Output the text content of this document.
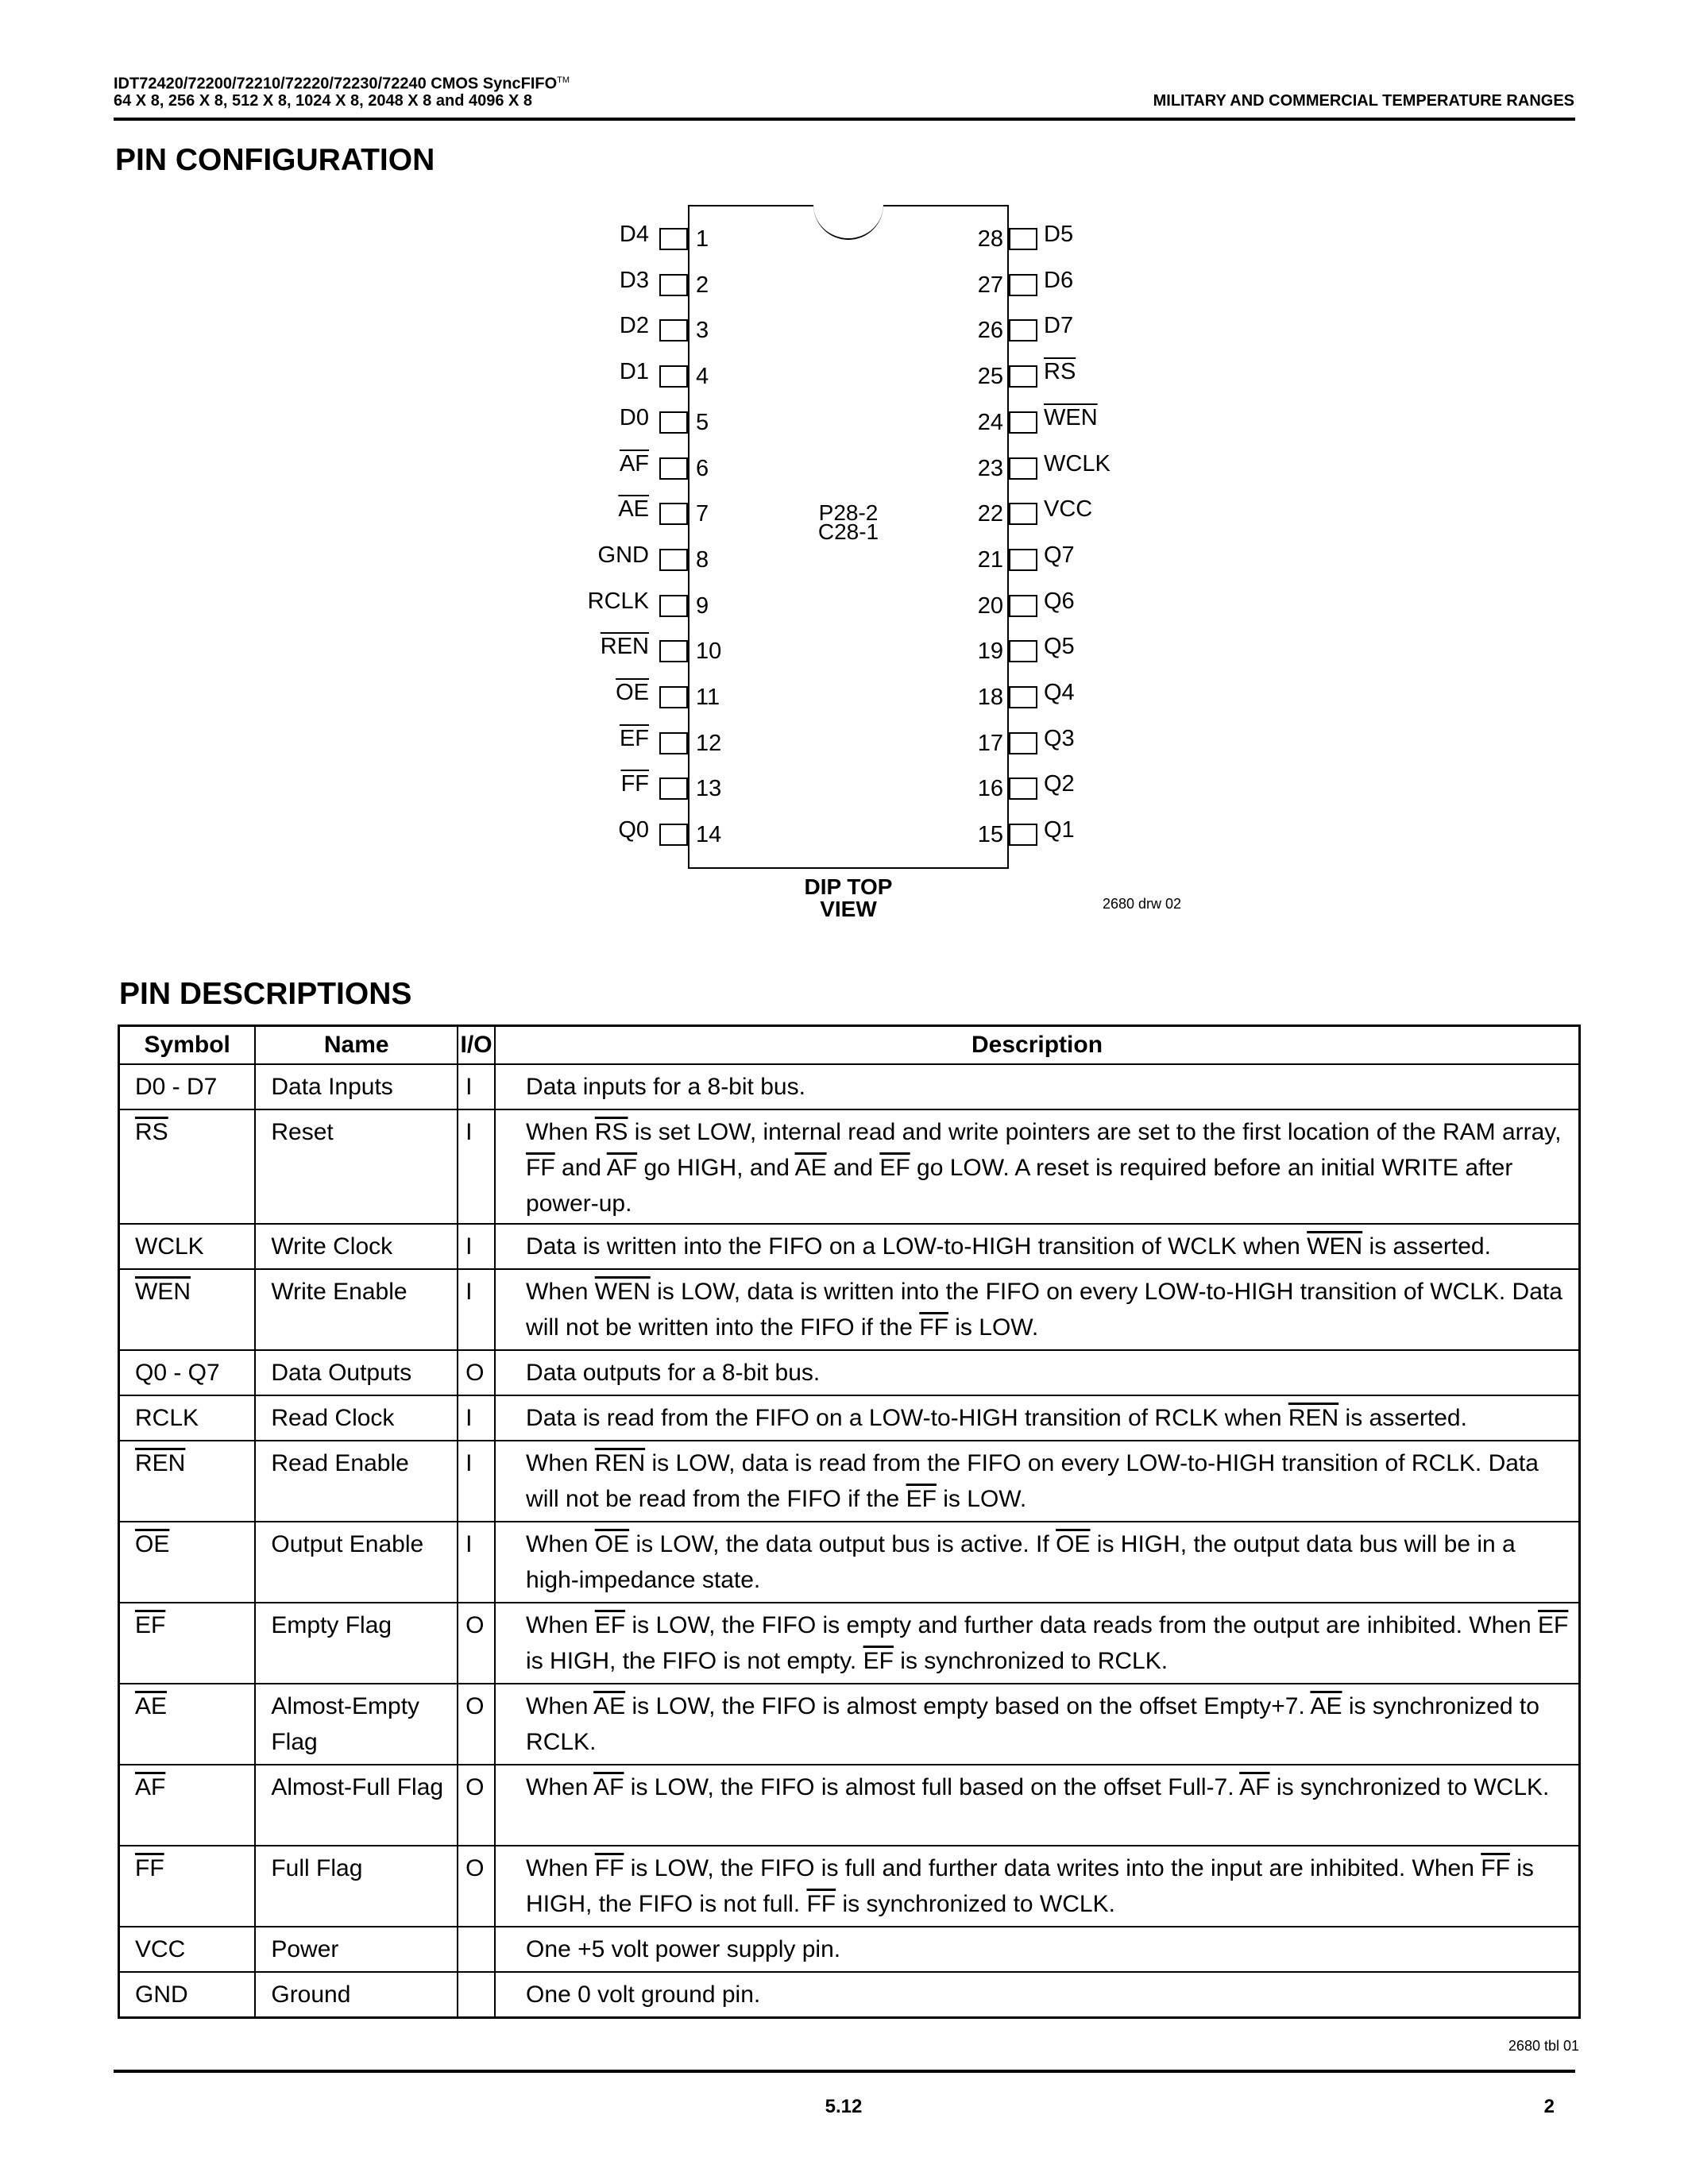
IDT72420/72200/72210/72220/72230/72240 CMOS SyncFIFO™
64 X 8, 256 X 8, 512 X 8, 1024 X 8, 2048 X 8 and 4096 X 8	MILITARY AND COMMERCIAL TEMPERATURE RANGES
PIN CONFIGURATION
D4 1
D3 2
D2 3
D1 4
D0 5
$\overline{AF}$ 6
$\overline{AE}$ 7
GND 8
RCLK 9
$\overline{REN}$ 10
$\overline{OE}$ 11
$\overline{EF}$ 12
$\overline{FF}$ 13
Q0 14
D5
28
D6
27
D7
26
$\overline{RS}$
25
$\overline{WEN}$
24
WCLK
23
VCC
22
Q7
21
Q6
20
Q5
19
Q4
18
Q3
17
Q2
16
Q1
15
P28-2
C28-1
DIP TOP
VIEW	2680 drw 02
PIN DESCRIPTIONS
Symbol	Name	I/O	Description
D0 - D7	Data Inputs	I	Data inputs for a 8-bit bus.
$\overline{RS}$	Reset	I	When $\overline{RS}$ is set LOW, internal read and write pointers are set to the first location of the RAM array, $\overline{FF}$ and $\overline{AF}$ go HIGH, and $\overline{AE}$ and $\overline{EF}$ go LOW. A reset is required before an initial WRITE after power-up.
WCLK	Write Clock	I	Data is written into the FIFO on a LOW-to-HIGH transition of WCLK when $\overline{WEN}$ is asserted.
$\overline{WEN}$	Write Enable	I	When $\overline{WEN}$ is LOW, data is written into the FIFO on every LOW-to-HIGH transition of WCLK. Data will not be written into the FIFO if the $\overline{FF}$ is LOW.
Q0 - Q7	Data Outputs	O	Data outputs for a 8-bit bus.
RCLK	Read Clock	I	Data is read from the FIFO on a LOW-to-HIGH transition of RCLK when $\overline{REN}$ is asserted.
$\overline{REN}$	Read Enable	I	When $\overline{REN}$ is LOW, data is read from the FIFO on every LOW-to-HIGH transition of RCLK. Data will not be read from the FIFO if the $\overline{EF}$ is LOW.
$\overline{OE}$	Output Enable	I	When $\overline{OE}$ is LOW, the data output bus is active. If $\overline{OE}$ is HIGH, the output data bus will be in a high-impedance state.
$\overline{EF}$	Empty Flag	O	When $\overline{EF}$ is LOW, the FIFO is empty and further data reads from the output are inhibited. When $\overline{EF}$ is HIGH, the FIFO is not empty. $\overline{EF}$ is synchronized to RCLK.
$\overline{AE}$	Almost-Empty Flag	O	When $\overline{AE}$ is LOW, the FIFO is almost empty based on the offset Empty+7. $\overline{AE}$ is synchronized to RCLK.
$\overline{AF}$	Almost-Full Flag	O	When $\overline{AF}$ is LOW, the FIFO is almost full based on the offset Full-7. $\overline{AF}$ is synchronized to WCLK.
$\overline{FF}$	Full Flag	O	When $\overline{FF}$ is LOW, the FIFO is full and further data writes into the input are inhibited. When $\overline{FF}$ is HIGH, the FIFO is not full. $\overline{FF}$ is synchronized to WCLK.
VCC	Power		One +5 volt power supply pin.
GND	Ground		One 0 volt ground pin.
2680 tbl 01
5.12	2
